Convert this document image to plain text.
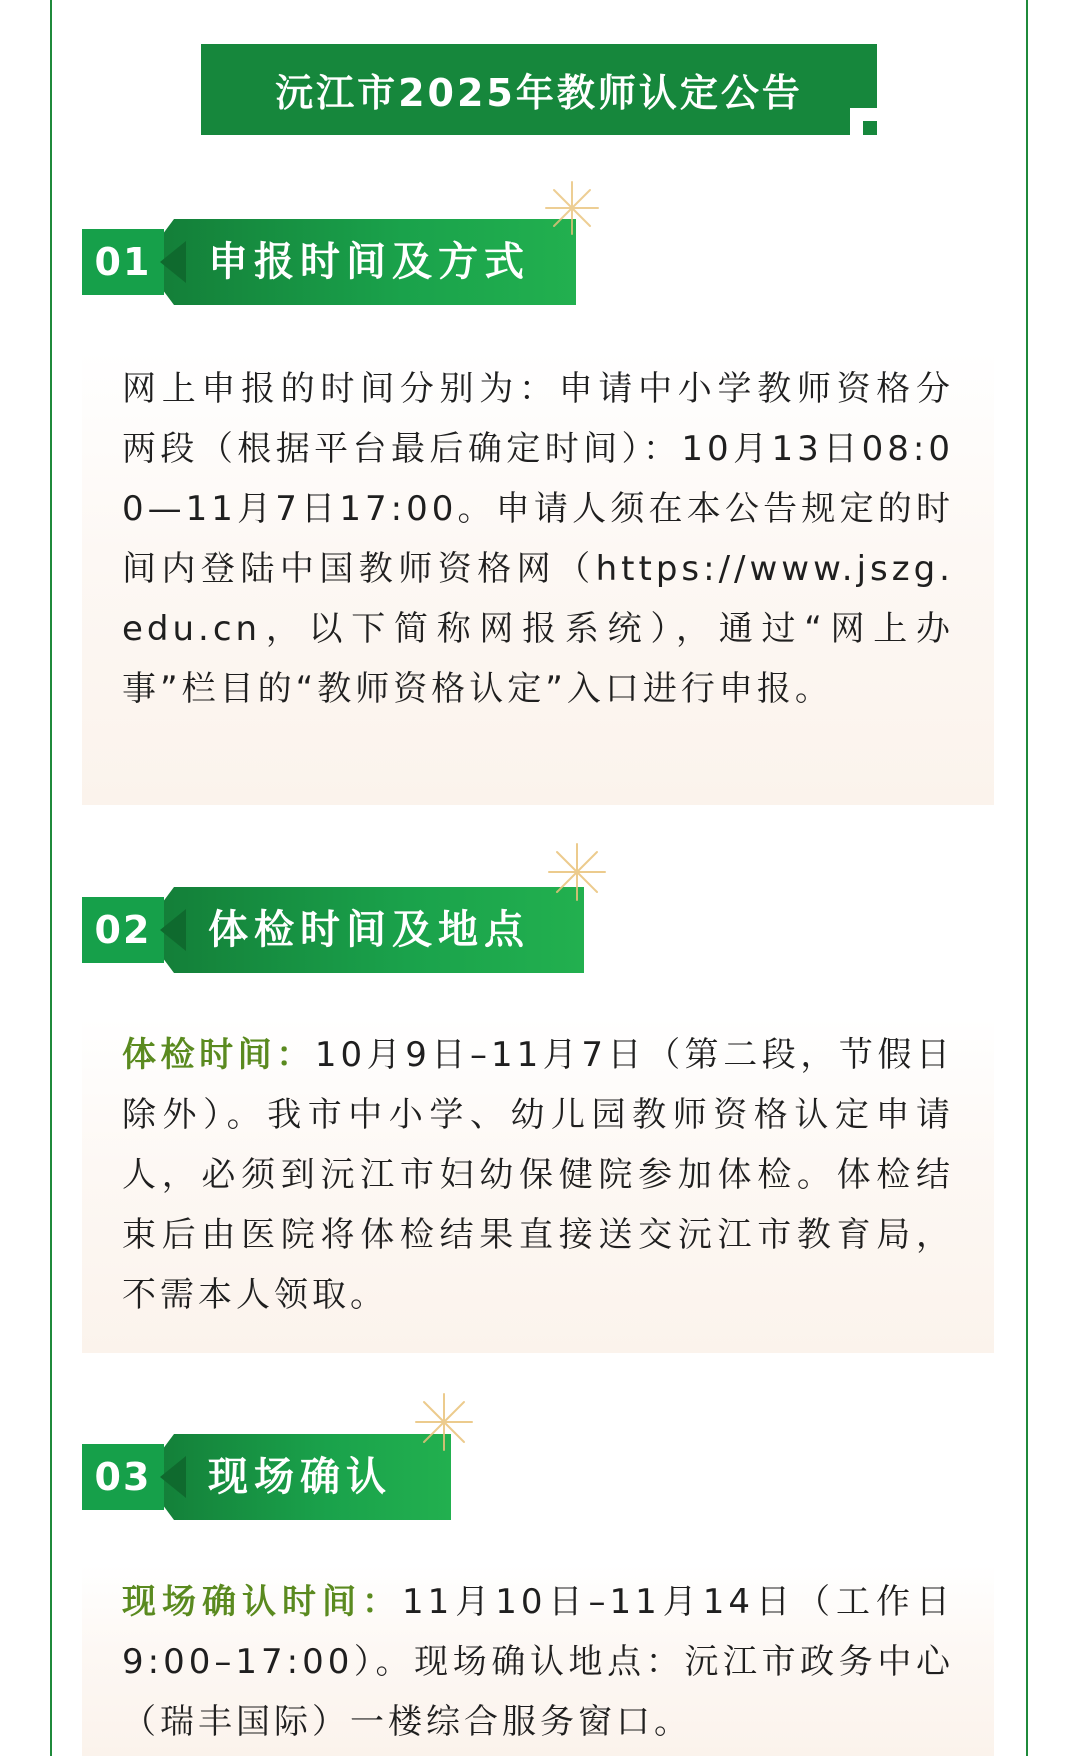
沅江市2025年教师认定公告
01	申报时间及方式

网上申报的时间分别为：申请中小学教师资格分两段（根据平台最后确定时间）：10月13日08:00—11月7日17:00。申请人须在本公告规定的时间内登陆中国教师资格网（https://www.jszg.edu.cn，以下简称网报系统），通过“网上办事”栏目的“教师资格认定”入口进行申报。

02	体检时间及地点

体检时间：10月9日–11月7日（第二段，节假日除外）。我市中小学、幼儿园教师资格认定申请人，必须到沅江市妇幼保健院参加体检。体检结束后由医院将体检结果直接送交沅江市教育局，不需本人领取。

03	现场确认

现场确认时间：11月10日–11月14日（工作日9:00–17:00）。现场确认地点：沅江市政务中心（瑞丰国际）一楼综合服务窗口。
